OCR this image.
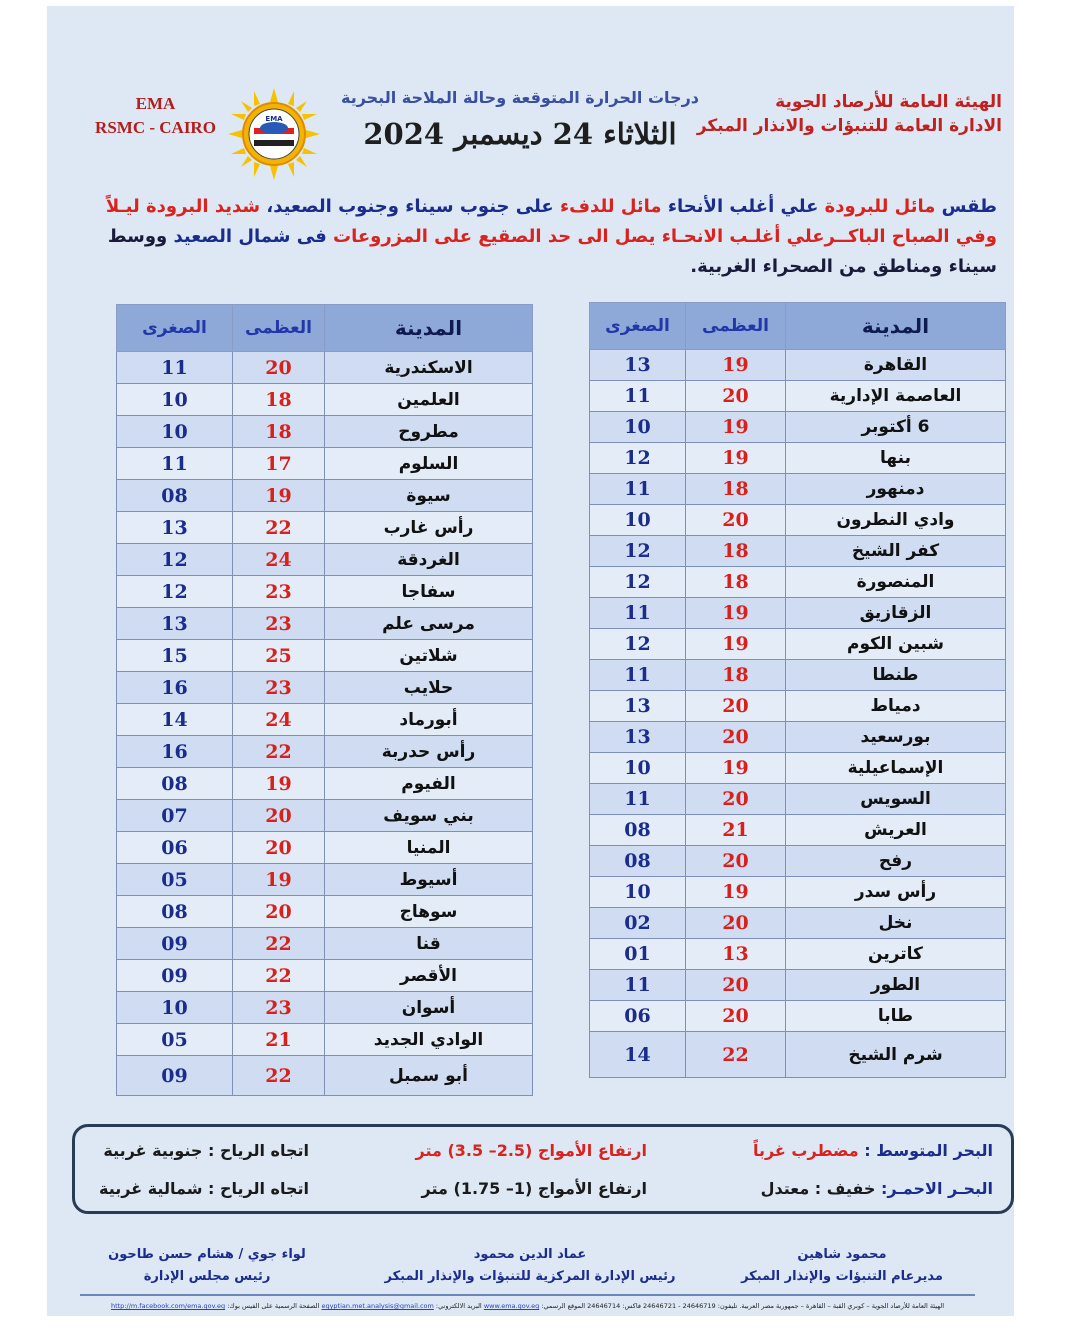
الهيئة العامة للأرصاد الجوية
الادارة العامة للتنبؤات والانذار المبكر
EMA
RSMC - CAIRO	EMA
درجات الحرارة المتوقعة وحالة الملاحة البحرية
الثلاثاء 24 ديسمبر 2024
طقس مائل للبرودة علي أغلب الأنحاء مائل للدفء على جنوب سيناء وجنوب الصعيد، شديد البرودة ليـلاً وفي الصباح الباكــرعلي أغلـب الانحـاء يصل الى حد الصقيع على المزروعات فى شمال الصعيد ووسط سيناء ومناطق من الصحراء الغربية.
المدينة	العظمى	الصغرى
القاهرة	19	13
العاصمة الإدارية	20	11
6 أكتوبر	19	10
بنها	19	12
دمنهور	18	11
وادي النطرون	20	10
كفر الشيخ	18	12
المنصورة	18	12
الزقازيق	19	11
شبين الكوم	19	12
طنطا	18	11
دمياط	20	13
بورسعيد	20	13
الإسماعيلية	19	10
السويس	20	11
العريش	21	08
رفح	20	08
رأس سدر	19	10
نخل	20	02
كاترين	13	01
الطور	20	11
طابا	20	06
شرم الشيخ	22	14
المدينة	العظمى	الصغرى
الاسكندرية	20	11
العلمين	18	10
مطروح	18	10
السلوم	17	11
سيوة	19	08
رأس غارب	22	13
الغردقة	24	12
سفاجا	23	12
مرسى علم	23	13
شلاتين	25	15
حلايب	23	16
أبورماد	24	14
رأس حدربة	22	16
الفيوم	19	08
بني سويف	20	07
المنيا	20	06
أسيوط	19	05
سوهاج	20	08
قنا	22	09
الأقصر	22	09
أسوان	23	10
الوادي الجديد	21	05
أبو سمبل	22	09
البحر المتوسط : مضطرب غرباً
ارتفاع الأمواج (2.5– 3.5) متر
اتجاه الرياح : جنوبية غربية
البحـر الاحمـر: خفيف : معتدل
ارتفاع الأمواج (1– 1.75) متر
اتجاه الرياح : شمالية غربية
محمود شاهين
مديرعام التنبؤات والإنذار المبكر
عماد الدين محمود
رئيس الإدارة المركزية للتنبؤات والإنذار المبكر
لواء جوي / هشام حسن طاحون
رئيس مجلس الإدارة
الهيئة العامة للأرصاد الجوية – كوبري القبة – القاهرة – جمهورية مصر العربية. تليفون: 24646719 - 24646721 فاكس: 24646714 الموقع الرسمي: www.ema.gov.eg البريد الالكتروني: egyptian.met.analysis@gmail.com الصفحة الرسمية على الفيس بوك: http://m.facebook.com/ema.gov.eg
